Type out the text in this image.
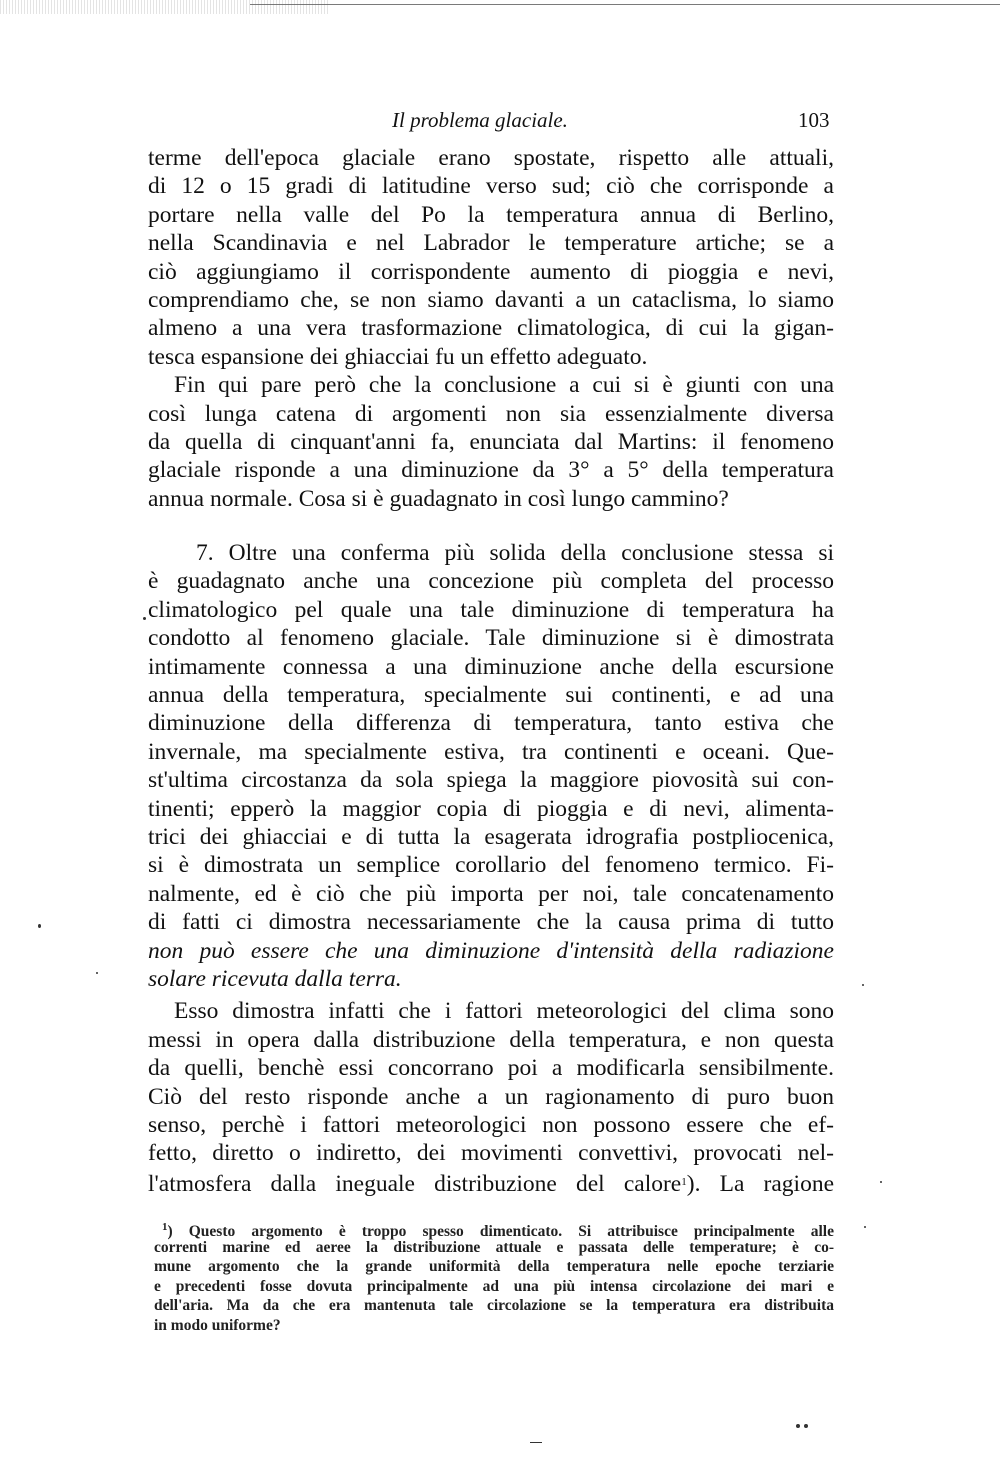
Il problema glaciale.	103
terme dell'epoca glaciale erano spostate, rispetto alle attuali,
di 12 o 15 gradi di latitudine verso sud; ciò che corrisponde a
portare nella valle del Po la temperatura annua di Berlino,
nella Scandinavia e nel Labrador le temperature artiche; se a
ciò aggiungiamo il corrispondente aumento di pioggia e nevi,
comprendiamo che, se non siamo davanti a un cataclisma, lo siamo
almeno a una vera trasformazione climatologica, di cui la gigan-
tesca espansione dei ghiacciai fu un effetto adeguato.
Fin qui pare però che la conclusione a cui si è giunti con una
così lunga catena di argomenti non sia essenzialmente diversa
da quella di cinquant'anni fa, enunciata dal Martins: il fenomeno
glaciale risponde a una diminuzione da 3° a 5° della temperatura
annua normale. Cosa si è guadagnato in così lungo cammino?
7. Oltre una conferma più solida della conclusione stessa si
è guadagnato anche una concezione più completa del processo
climatologico pel quale una tale diminuzione di temperatura ha
condotto al fenomeno glaciale. Tale diminuzione si è dimostrata
intimamente connessa a una diminuzione anche della escursione
annua della temperatura, specialmente sui continenti, e ad una
diminuzione della differenza di temperatura, tanto estiva che
invernale, ma specialmente estiva, tra continenti e oceani. Que-
st'ultima circostanza da sola spiega la maggiore piovosità sui con-
tinenti; epperò la maggior copia di pioggia e di nevi, alimenta-
trici dei ghiacciai e di tutta la esagerata idrografia postpliocenica,
si è dimostrata un semplice corollario del fenomeno termico. Fi-
nalmente, ed è ciò che più importa per noi, tale concatenamento
di fatti ci dimostra necessariamente che la causa prima di tutto
non può essere che una diminuzione d'intensità della radiazione
solare ricevuta dalla terra.
Esso dimostra infatti che i fattori meteorologici del clima sono
messi in opera dalla distribuzione della temperatura, e non questa
da quelli, benchè essi concorrano poi a modificarla sensibilmente.
Ciò del resto risponde anche a un ragionamento di puro buon
senso, perchè i fattori meteorologici non possono essere che ef-
fetto, diretto o indiretto, dei movimenti convettivi, provocati nel-
l'atmosfera dalla ineguale distribuzione del calore$^1$). La ragione
$^1$) Questo argomento è troppo spesso dimenticato. Si attribuisce principalmente alle
correnti marine ed aeree la distribuzione attuale e passata delle temperature; è co-
mune argomento che la grande uniformità della temperatura nelle epoche terziarie
e precedenti fosse dovuta principalmente ad una più intensa circolazione dei mari e
dell'aria. Ma da che era mantenuta tale circolazione se la temperatura era distribuita
in modo uniforme?
